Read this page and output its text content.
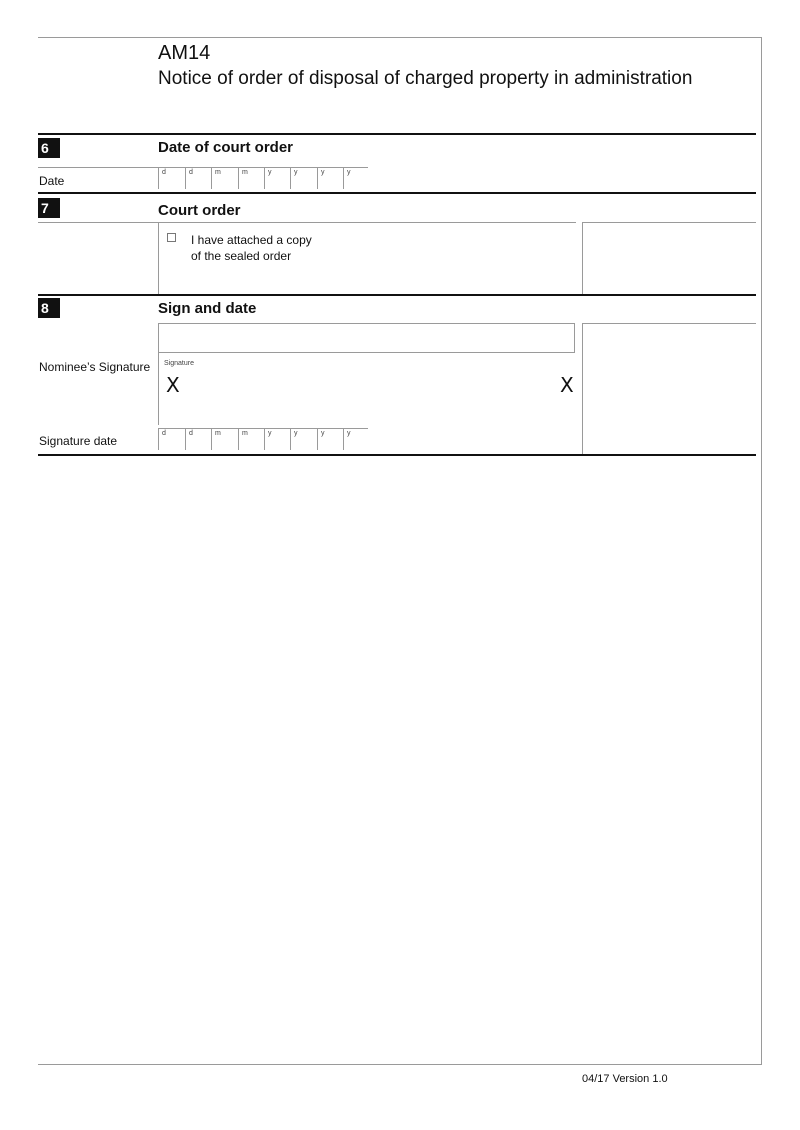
AM14
Notice of order of disposal of charged property in administration
6	Date of court order
Date
d	d	m	m	y	y	y	y
7	Court order
I have attached a copy
of the sealed order
8	Sign and date
Nominee’s Signature Signature
X	X
Signature date
d	d	m	m	y	y	y	y
04/17 Version 1.0
